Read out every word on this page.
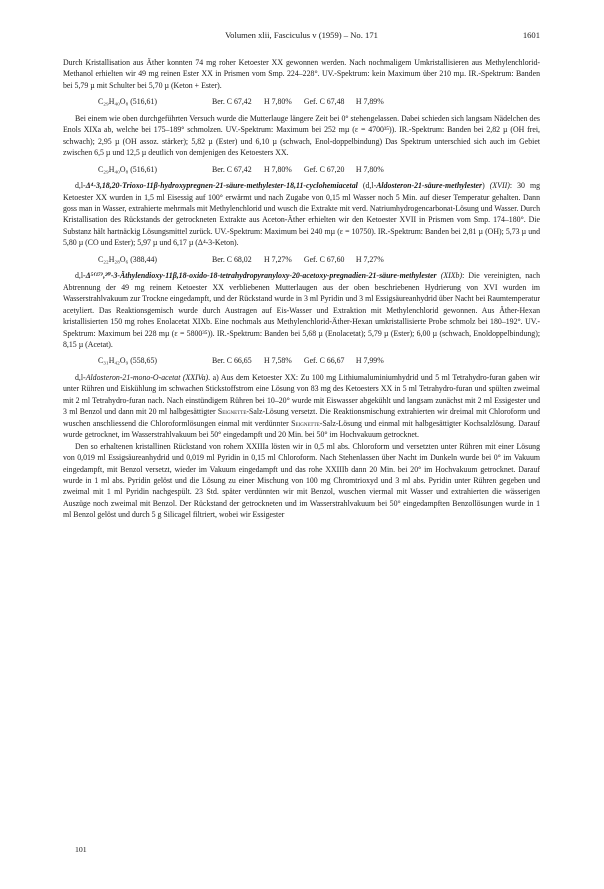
Volumen xlii, Fasciculus v (1959) – No. 171	1601

Durch Kristallisation aus Äther konnten 74 mg roher Ketoester XX gewonnen werden. Nach nochmaligem Umkristallisieren aus Methylenchlorid-Methanol erhielten wir 49 mg reinen Ester XX in Prismen vom Smp. 224–228°. UV.-Spektrum: kein Maximum über 210 mµ. IR.-Spektrum: Banden bei 5,79 µ mit Schulter bei 5,70 µ (Keton + Ester).

C₂₉H₄₀O₈ (516,61)	Ber. C 67,42 H 7,80% Gef. C 67,48 H 7,89%

Bei einem wie oben durchgeführten Versuch wurde die Mutterlauge längere Zeit bei 0° stehengelassen. Dabei schieden sich langsam Nädelchen des Enols XIXa ab, welche bei 175–189° schmolzen. UV.-Spektrum: Maximum bei 252 mµ (ε = 4700³⁵)). IR.-Spektrum: Banden bei 2,82 µ (OH frei, schwach); 2,95 µ (OH assoz. stärker); 5,82 µ (Ester) und 6,10 µ (schwach, Enol-doppelbindung) Das Spektrum unterschied sich auch im Gebiet zwischen 6,5 µ und 12,5 µ deutlich von demjenigen des Ketoesters XX.

C₂₉H₄₀O₈ (516,61)	Ber. C 67,42 H 7,80% Gef. C 67,20 H 7,80%

d,l-Δ⁴-3,18,20-Trioxo-11β-hydroxypregnen-21-säure-methylester-18,11-cyclohemiacetal (d,l-Aldosteron-21-säure-methylester) (XVII): 30 mg Ketoester XX wurden in 1,5 ml Eisessig auf 100° erwärmt und nach Zugabe von 0,15 ml Wasser noch 5 Min. auf dieser Temperatur gehalten. Dann goss man in Wasser, extrahierte mehrmals mit Methylenchlorid und wusch die Extrakte mit verd. Natriumhydrogencarbonat-Lösung und Wasser. Durch Kristallisation des Rückstands der getrockneten Extrakte aus Aceton-Äther erhielten wir den Ketoester XVII in Prismen vom Smp. 174–180°. Die Substanz hält hartnäckig Lösungsmittel zurück. UV.-Spektrum: Maximum bei 240 mµ (ε = 10750). IR.-Spektrum: Banden bei 2,81 µ (OH); 5,73 µ und 5,80 µ (CO und Ester); 5,97 µ und 6,17 µ (Δ⁴-3-Keton).

C₂₂H₂₈O₆ (388,44)	Ber. C 68,02 H 7,27% Gef. C 67,60 H 7,27%

d,l-Δ⁵⁽¹⁷⁾,²⁰-3-Äthylendioxy-11β,18-oxido-18-tetrahydropyranyloxy-20-acetoxy-pregnadien-21-säure-methylester (XIXb): Die vereinigten, nach Abtrennung der 49 mg reinem Ketoester XX verbliebenen Mutterlaugen aus der oben beschriebenen Hydrierung von XVI wurden im Wasserstrahlvakuum zur Trockne eingedampft, und der Rückstand wurde in 3 ml Pyridin und 3 ml Essigsäureanhydrid über Nacht bei Raumtemperatur acetyliert. Das Reaktionsgemisch wurde durch Austragen auf Eis-Wasser und Extraktion mit Methylenchlorid gewonnen. Aus Äther-Hexan kristallisierten 150 mg rohes Enolacetat XIXb. Eine nochmals aus Methylenchlorid-Äther-Hexan umkristallisierte Probe schmolz bei 180–192°. UV.-Spektrum: Maximum bei 228 mµ (ε = 5800³⁵)). IR.-Spektrum: Banden bei 5,68 µ (Enolacetat); 5,79 µ (Ester); 6,00 µ (schwach, Enoldoppelbindung); 8,15 µ (Acetat).

C₃₁H₄₂O₉ (558,65)	Ber. C 66,65 H 7,58% Gef. C 66,67 H 7,99%

d,l-Aldosteron-21-mono-O-acetat (XXIVa). a) Aus dem Ketoester XX: Zu 100 mg Lithiumaluminiumhydrid und 5 ml Tetrahydro-furan gaben wir unter Rühren und Eiskühlung im schwachen Stickstoffstrom eine Lösung von 83 mg des Ketoesters XX in 5 ml Tetrahydro-furan und spülten zweimal mit 2 ml Tetrahydro-furan nach. Nach einstündigem Rühren bei 10–20° wurde mit Eiswasser abgekühlt und langsam zunächst mit 2 ml Essigester und 3 ml Benzol und dann mit 20 ml halbgesättigter Seignette-Salz-Lösung versetzt. Die Reaktionsmischung extrahierten wir dreimal mit Chloroform und wuschen anschliessend die Chloroformlösungen einmal mit verdünnter Seignette-Salz-Lösung und einmal mit halbgesättigter Kochsalzlösung. Darauf wurde getrocknet, im Wasserstrahlvakuum bei 50° eingedampft und 20 Min. bei 50° im Hochvakuum getrocknet.

Den so erhaltenen kristallinen Rückstand von rohem XXIIIa lösten wir in 0,5 ml abs. Chloroform und versetzten unter Rühren mit einer Lösung von 0,019 ml Essigsäureanhydrid und 0,019 ml Pyridin in 0,15 ml Chloroform. Nach Stehenlassen über Nacht im Dunkeln wurde bei 0° im Vakuum eingedampft, mit Benzol versetzt, wieder im Vakuum eingedampft und das rohe XXIIIb dann 20 Min. bei 20° im Hochvakuum getrocknet. Darauf wurde in 1 ml abs. Pyridin gelöst und die Lösung zu einer Mischung von 100 mg Chromtrioxyd und 3 ml abs. Pyridin unter Rühren gegeben und zweimal mit 1 ml Pyridin nachgespült. 23 Std. später verdünnten wir mit Benzol, wuschen viermal mit Wasser und extrahierten die wässerigen Auszüge noch zweimal mit Benzol. Der Rückstand der getrockneten und im Wasserstrahlvakuum bei 50° eingedampften Benzollösungen wurde in 1 ml Benzol gelöst und durch 5 g Silicagel filtriert, wobei wir Essigester

101
